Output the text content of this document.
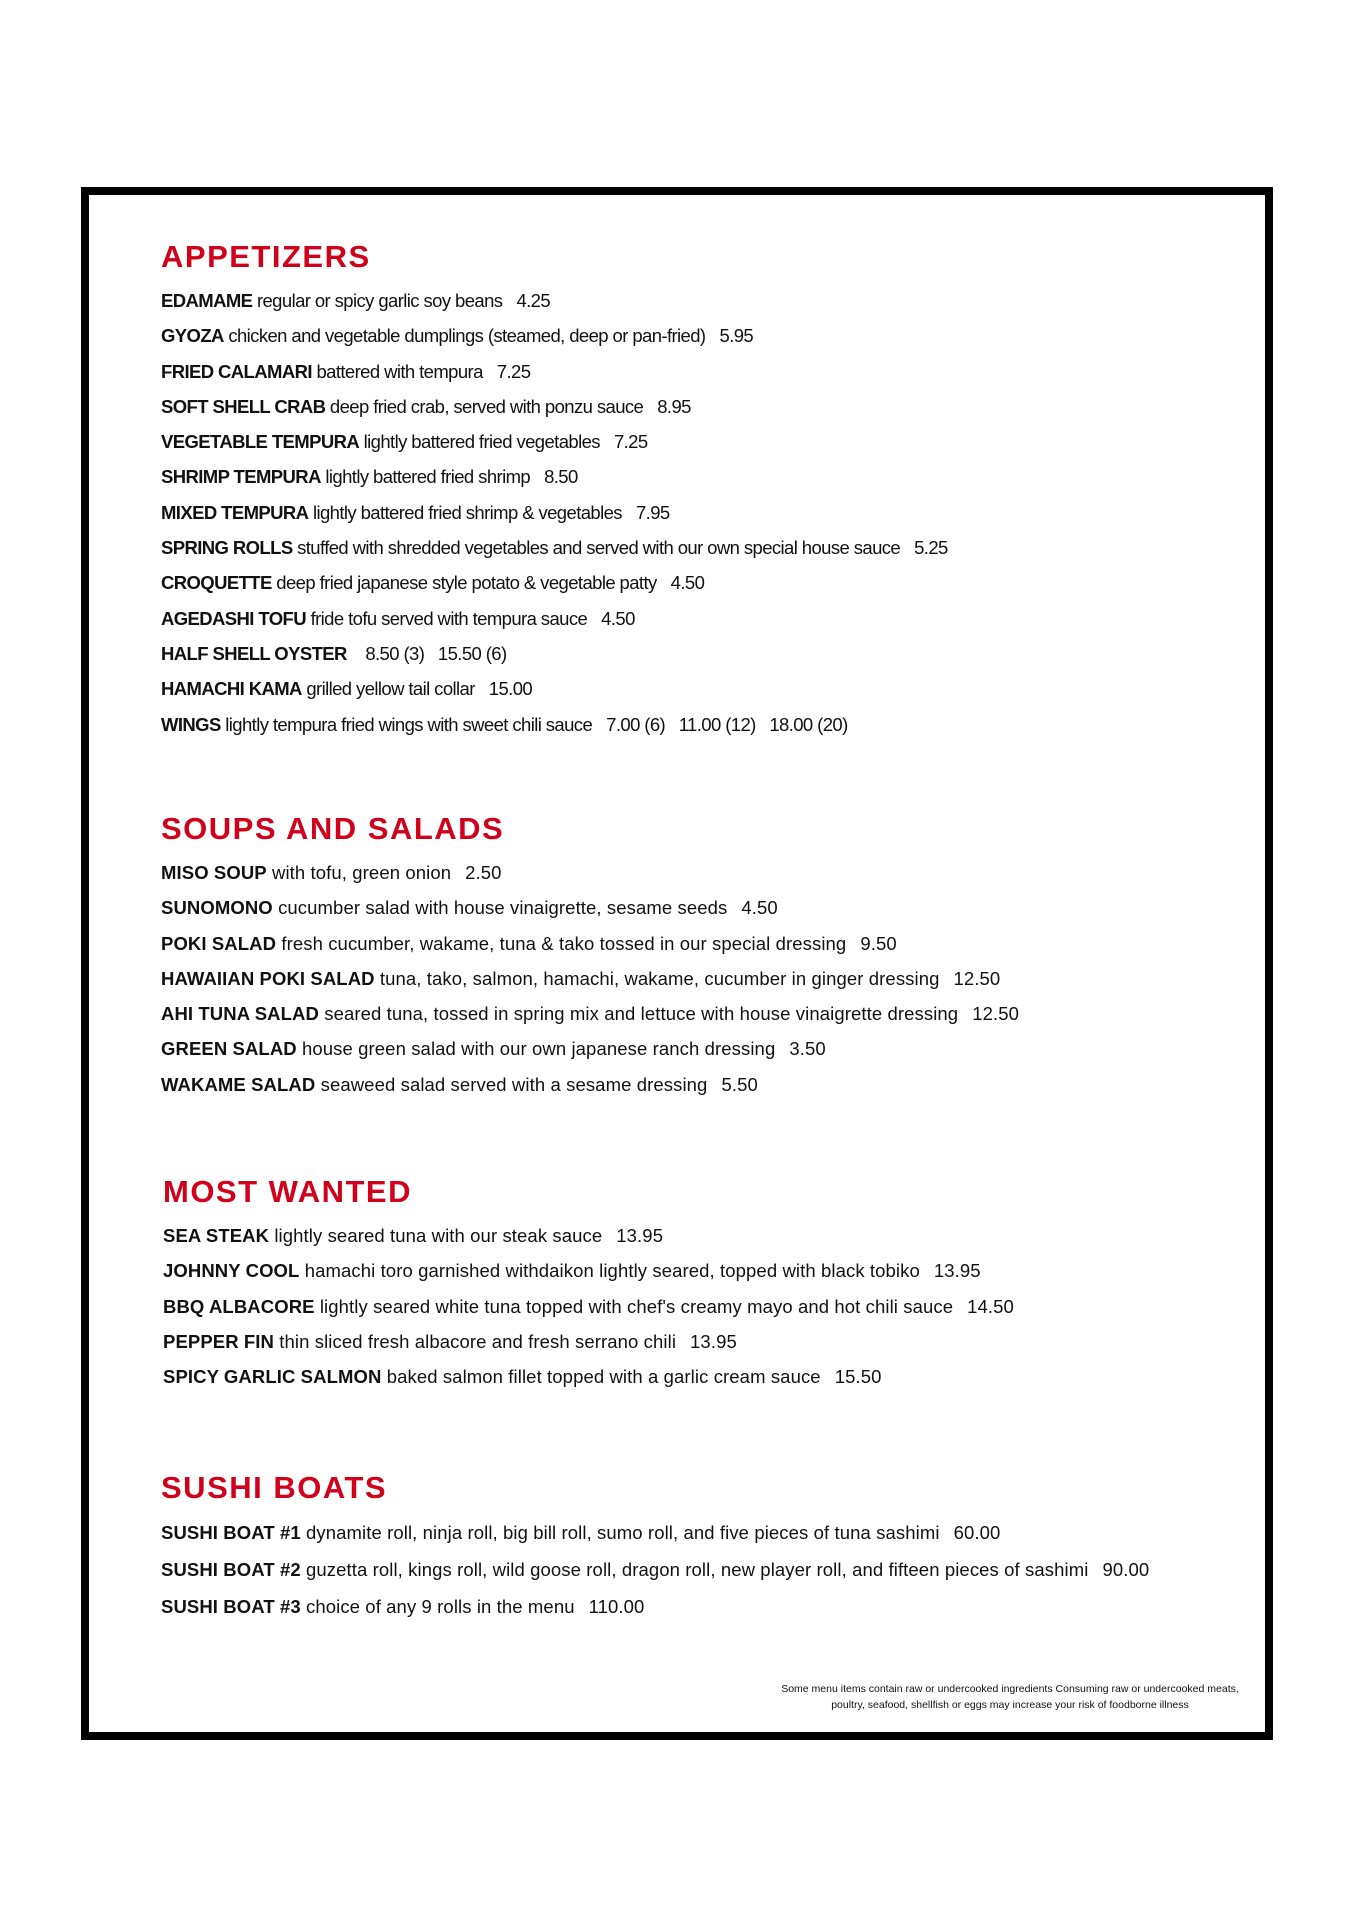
APPETIZERS
EDAMAME regular or spicy garlic soy beans 4.25
GYOZA chicken and vegetable dumplings (steamed, deep or pan-fried) 5.95
FRIED CALAMARI battered with tempura 7.25
SOFT SHELL CRAB deep fried crab, served with ponzu sauce 8.95
VEGETABLE TEMPURA lightly battered fried vegetables 7.25
SHRIMP TEMPURA lightly battered fried shrimp 8.50
MIXED TEMPURA lightly battered fried shrimp & vegetables 7.95
SPRING ROLLS stuffed with shredded vegetables and served with our own special house sauce 5.25
CROQUETTE deep fried japanese style potato & vegetable patty 4.50
AGEDASHI TOFU fride tofu served with tempura sauce 4.50
HALF SHELL OYSTER 8.50 (3)   15.50 (6)
HAMACHI KAMA grilled yellow tail collar 15.00
WINGS lightly tempura fried wings with sweet chili sauce 7.00 (6)   11.00 (12)   18.00 (20)
SOUPS AND SALADS
MISO SOUP with tofu, green onion 2.50
SUNOMONO cucumber salad with house vinaigrette, sesame seeds 4.50
POKI SALAD fresh cucumber, wakame, tuna & tako tossed in our special dressing 9.50
HAWAIIAN POKI SALAD tuna, tako, salmon, hamachi, wakame, cucumber in ginger dressing 12.50
AHI TUNA SALAD seared tuna, tossed in spring mix and lettuce with house vinaigrette dressing 12.50
GREEN SALAD house green salad with our own japanese ranch dressing 3.50
WAKAME SALAD seaweed salad served with a sesame dressing 5.50
MOST WANTED
SEA STEAK lightly seared tuna with our steak sauce 13.95
JOHNNY COOL hamachi toro garnished withdaikon lightly seared, topped with black tobiko 13.95
BBQ ALBACORE lightly seared white tuna topped with chef's creamy mayo and hot chili sauce 14.50
PEPPER FIN thin sliced fresh albacore and fresh serrano chili 13.95
SPICY GARLIC SALMON baked salmon fillet topped with a garlic cream sauce 15.50
SUSHI BOATS
SUSHI BOAT #1 dynamite roll, ninja roll, big bill roll, sumo roll, and five pieces of tuna sashimi 60.00
SUSHI BOAT #2 guzetta roll, kings roll, wild goose roll, dragon roll, new player roll, and fifteen pieces of sashimi 90.00
SUSHI BOAT #3 choice of any 9 rolls in the menu 110.00
Some menu items contain raw or undercooked ingredients Consuming raw or undercooked meats,
poultry, seafood, shellfish or eggs may increase your risk of foodborne illness
